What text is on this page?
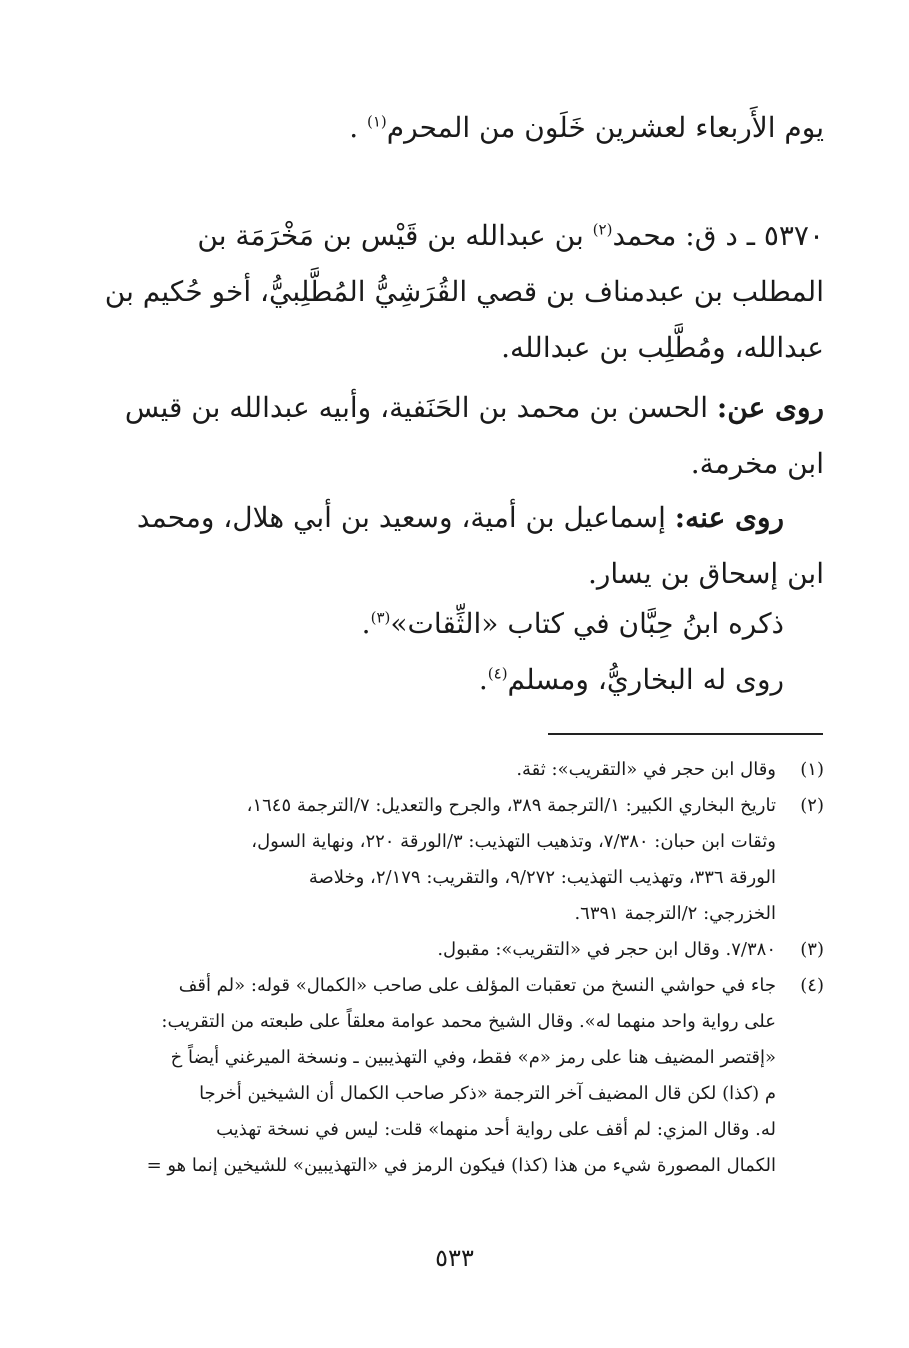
يوم الأَربعاء لعشرين خَلَون من المحرم$^{(١)}$ .
٥٣٧٠ ـ د ق: محمد$^{(٢)}$ بن عبدالله بن قَيْس بن مَخْرَمَة بن
المطلب بن عبدمناف بن قصي القُرَشِيُّ المُطَّلِبيُّ، أخو حُكيم بن
عبدالله، ومُطَّلِب بن عبدالله.
روى عن: الحسن بن محمد بن الحَنَفية، وأبيه عبدالله بن قيس
ابن مخرمة.
روى عنه: إسماعيل بن أمية، وسعيد بن أبي هلال، ومحمد
ابن إسحاق بن يسار.
ذكره ابنُ حِبَّان في كتاب «الثِّقات»$^{(٣)}$.
روى له البخاريُّ، ومسلم$^{(٤)}$.
(١)
وقال ابن حجر في «التقريب»: ثقة.
(٢)
تاريخ البخاري الكبير: ١/الترجمة ٣٨٩، والجرح والتعديل: ٧/الترجمة ١٦٤٥،
وثقات ابن حبان: ٧/٣٨٠، وتذهيب التهذيب: ٣/الورقة ٢٢٠، ونهاية السول،
الورقة ٣٣٦، وتهذيب التهذيب: ٩/٢٧٢، والتقريب: ٢/١٧٩، وخلاصة
الخزرجي: ٢/الترجمة ٦٣٩١.
(٣)
٧/٣٨٠. وقال ابن حجر في «التقريب»: مقبول.
(٤)
جاء في حواشي النسخ من تعقبات المؤلف على صاحب «الكمال» قوله: «لم أقف
على رواية واحد منهما له». وقال الشيخ محمد عوامة معلقاً على طبعته من التقريب:
«إقتصر المضيف هنا على رمز «م» فقط، وفي التهذيبين ـ ونسخة الميرغني أيضاً خ
م (كذا) لكن قال المضيف آخر الترجمة «ذكر صاحب الكمال أن الشيخين أخرجا
له. وقال المزي: لم أقف على رواية أحد منهما» قلت: ليس في نسخة تهذيب
الكمال المصورة شيء من هذا (كذا) فيكون الرمز في «التهذيبين» للشيخين إنما هو =
٥٣٣
